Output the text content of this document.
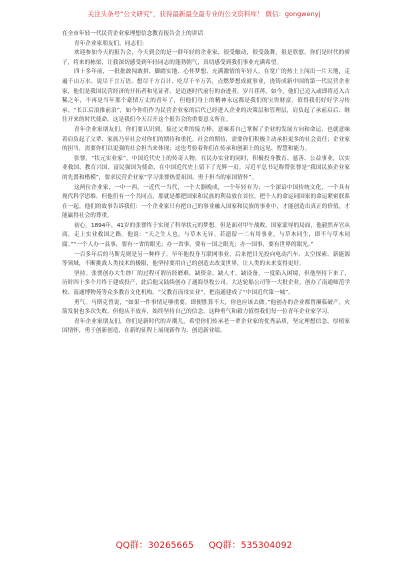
关注头条号“公文研究”，获得最新最全最专业的公文资料库！ 微信：gongwenyj

在全市年轻一代民营企业家理想信念教育报告会上的讲话

青年企业家朋友们、同志们：

欢迎参加今天的报告会，今天到会的是一群年轻的企业家，很受触动，很受鼓舞，很是欣慰。你们是时代的骄子，将来的栋梁，让我深切感受到年轻同志的蓬勃朝气，真切感受到我们事业充满希望。

四十多年前，一批批敢闯敢拼、脚踏实地、心怀梦想、充满激情的年轻人，在宽广的热土上闯出一片天地，走遍千山万水、说尽千言万语、想尽千方百计、吃尽千辛万苦，点燃梦想成就事业，浇铸成新中国的第一代民营企业家，他们是我国民营经济的开拓者和见证者，是追逐时代前行的奋进者。岁月荏苒，如今，他们已迈入或即将迈入古稀之年，不再是当年那个豪情万丈的青年了，但他们身上的精神永远都是我们的宝贵财富，值得我们好好学习传承。“长江后浪推前浪”，如今你们作为民营企业家的后代已经进入企业的决策层和管理层，肩负起了承前启后、继往开来的时代使命，这是我们今天召开这个报告会的重要意义所在。

青年企业家朋友们，你们要认识到，接过父辈的接力棒，意味着自己掌握了企业的发展方向和命运，也就意味着肩负起了父辈、家族乃至社会对你们的期待和重托。社会的期待，需要你们积极主动承担更多的社会责任；企业家的担当，需要你们以更强的社会担当来体现；这也考验着你们在传承和创新上的远见、智慧和能力。

张謇，“状元实业家”。中国近代史上的传奇人物。在民办实业的同时，积极投身教育、慈善、公益事业，以实业救国、教育兴国、富民强国为使命，在中国近代史上留下了光辉一页。习近平总书记称赞张謇是“我国民族企业家的先贤和楷模”，要求民营企业家“学习张謇热爱祖国、勇于担当的家国情怀”。

这两位企业家，一中一西，一近代一当代，一个大器晚成，一个年轻有为；一个深谙中国传统文化，一个具有现代科学思维。但他们有一个共同点，那就是都把国家和民族的利益放在首位，把个人的命运同国家的命运紧密联系在一起，他们的故事告诉我们：一个企业家只有把自己的事业融入国家和民族的事业中，才能创造出真正的价值，才能赢得社会的尊重。

初心。1894年，41岁的张謇终于实现了科举状元的梦想。但是面对甲午战败、国家蒙辱的局面，他毅然弃官从商，走上实业救国之路。他说：“天之生人也，与草木无异。若遗留一二有用事业，与草木同生，即不与草木同腐。”“一个人办一县事，要有一省的眼光；办一省事，要有一国之眼光；办一国事，要有世界的眼光。”

一百多年后的马斯克则是另一种样子。早年他投身互联网事业，后来把目光投向电动汽车、太空探索、新能源等领域，不断挑战人类技术的极限，他坚持要用自己的创造去改变世界，让人类的未来变得更好。

坚持。张謇创办大生纱厂的过程可谓历经磨难，缺资金、缺人才、缺设备，一度陷入困境，但他坚持下来了，历时四十多个月终于建成投产，此后他又陆续创办了通海垦牧公司、大达轮船公司等一大批企业，创办了南通师范学校、南通博物苑等众多教育文化机构，“父教育而母实业”，把南通建成了“中国近代第一城”。

勇气。马斯克曾说，“如果一件事情足够重要，即便胜算不大，你也应该去做。”他创办的企业都曾濒临破产，火箭发射也多次失败，但他从不放弃，始终坚持自己的信念，这种勇气和毅力值得我们每一位青年企业家学习。

青年企业家朋友们，你们是新时代的弄潮儿，希望你们传承老一辈企业家的优秀品质，坚定理想信念，厚植家国情怀，勇于创新创造，在新的征程上展现新作为、创造新业绩。

QQ群：30265665 QQ群：535304092
